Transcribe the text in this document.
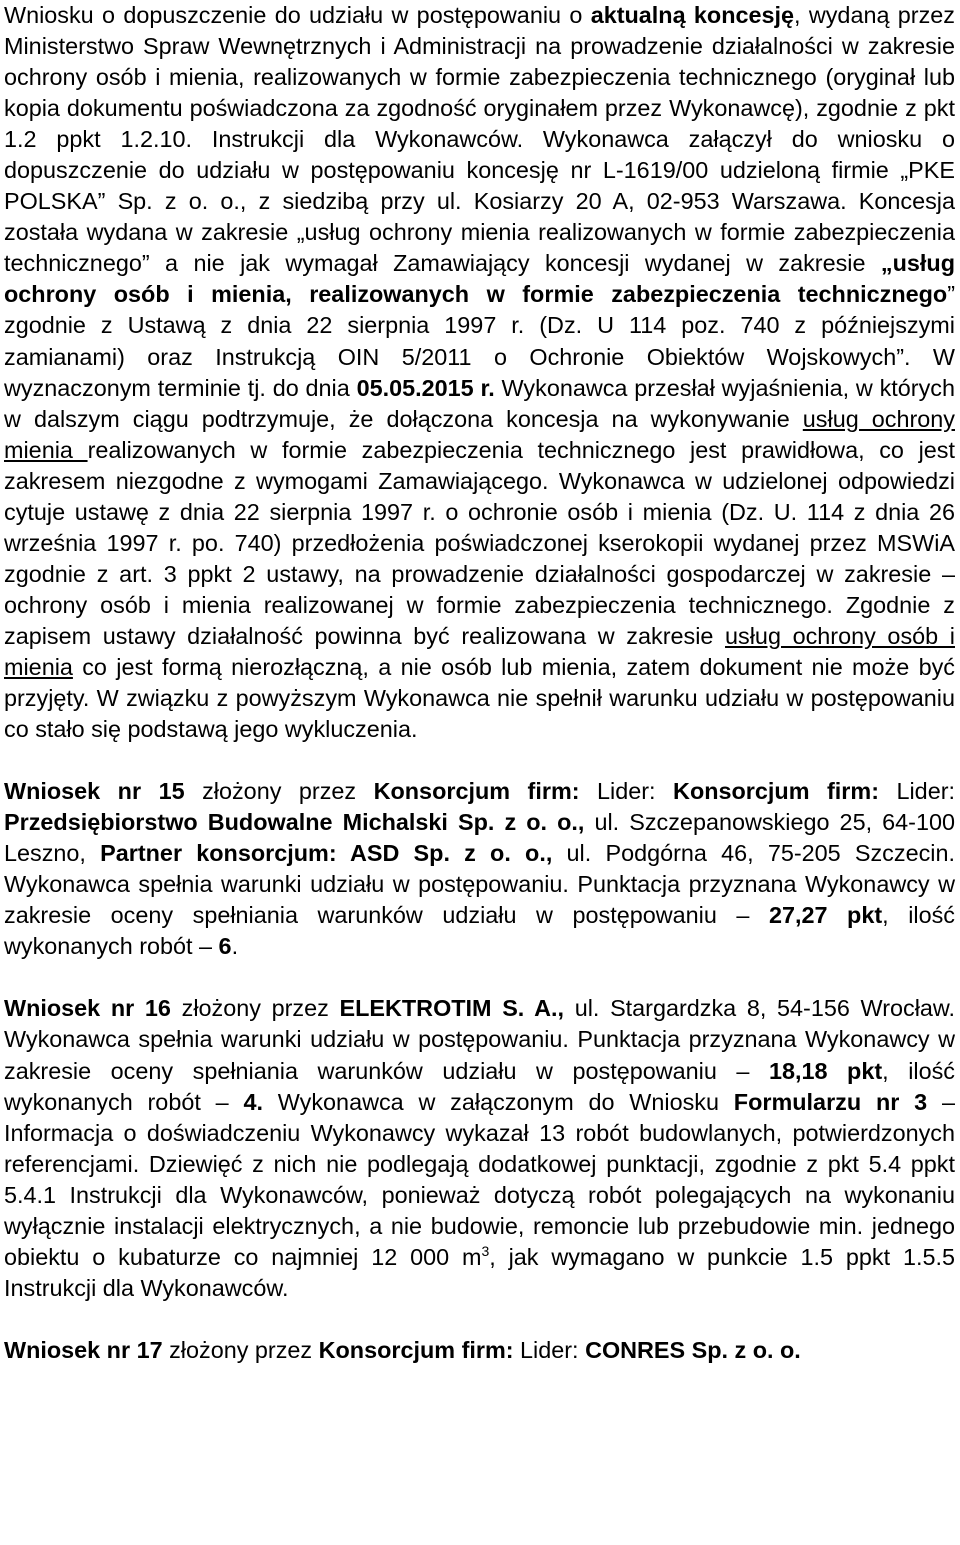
Wniosku o dopuszczenie do udziału w postępowaniu o aktualną koncesję, wydaną przez Ministerstwo Spraw Wewnętrznych i Administracji na prowadzenie działalności w zakresie ochrony osób i mienia, realizowanych w formie zabezpieczenia technicznego (oryginał lub kopia dokumentu poświadczona za zgodność oryginałem przez Wykonawcę), zgodnie z pkt 1.2 ppkt 1.2.10. Instrukcji dla Wykonawców. Wykonawca załączył do wniosku o dopuszczenie do udziału w postępowaniu koncesję nr L-1619/00 udzieloną firmie „PKE POLSKA” Sp. z o. o., z siedzibą przy ul. Kosiarzy 20 A, 02-953 Warszawa. Koncesja została wydana w zakresie „usług ochrony mienia realizowanych w formie zabezpieczenia technicznego” a nie jak wymagał Zamawiający koncesji wydanej w zakresie „usług ochrony osób i mienia, realizowanych w formie zabezpieczenia technicznego” zgodnie z Ustawą z dnia 22 sierpnia 1997 r. (Dz. U 114 poz. 740 z późniejszymi zamianami) oraz Instrukcją OIN 5/2011 o Ochronie Obiektów Wojskowych”. W wyznaczonym terminie tj. do dnia 05.05.2015 r. Wykonawca przesłał wyjaśnienia, w których w dalszym ciągu podtrzymuje, że dołączona koncesja na wykonywanie usług ochrony mienia realizowanych w formie zabezpieczenia technicznego jest prawidłowa, co jest zakresem niezgodne z wymogami Zamawiającego. Wykonawca w udzielonej odpowiedzi cytuje ustawę z dnia 22 sierpnia 1997 r. o ochronie osób i mienia (Dz. U. 114 z dnia 26 września 1997 r. po. 740) przedłożenia poświadczonej kserokopii wydanej przez MSWiA zgodnie z art. 3 ppkt 2 ustawy, na prowadzenie działalności gospodarczej w zakresie – ochrony osób i mienia realizowanej w formie zabezpieczenia technicznego. Zgodnie z zapisem ustawy działalność powinna być realizowana w zakresie usług ochrony osób i mienia co jest formą nierozłączną, a nie osób lub mienia, zatem dokument nie może być przyjęty. W związku z powyższym Wykonawca nie spełnił warunku udziału w postępowaniu co stało się podstawą jego wykluczenia.

Wniosek nr 15 złożony przez Konsorcjum firm: Lider: Konsorcjum firm: Lider: Przedsiębiorstwo Budowalne Michalski Sp. z o. o., ul. Szczepanowskiego 25, 64-100 Leszno, Partner konsorcjum: ASD Sp. z o. o., ul. Podgórna 46, 75-205 Szczecin. Wykonawca spełnia warunki udziału w postępowaniu. Punktacja przyznana Wykonawcy w zakresie oceny spełniania warunków udziału w postępowaniu – 27,27 pkt, ilość wykonanych robót – 6.

Wniosek nr 16 złożony przez ELEKTROTIM S. A., ul. Stargardzka 8, 54-156 Wrocław. Wykonawca spełnia warunki udziału w postępowaniu. Punktacja przyznana Wykonawcy w zakresie oceny spełniania warunków udziału w postępowaniu – 18,18 pkt, ilość wykonanych robót – 4. Wykonawca w załączonym do Wniosku Formularzu nr 3 – Informacja o doświadczeniu Wykonawcy wykazał 13 robót budowlanych, potwierdzonych referencjami. Dziewięć z nich nie podlegają dodatkowej punktacji, zgodnie z pkt 5.4 ppkt 5.4.1 Instrukcji dla Wykonawców, ponieważ dotyczą robót polegających na wykonaniu wyłącznie instalacji elektrycznych, a nie budowie, remoncie lub przebudowie min. jednego obiektu o kubaturze co najmniej 12 000 $m^3$, jak wymagano w punkcie 1.5 ppkt 1.5.5 Instrukcji dla Wykonawców.

Wniosek nr 17 złożony przez Konsorcjum firm: Lider: CONRES Sp. z o. o.
